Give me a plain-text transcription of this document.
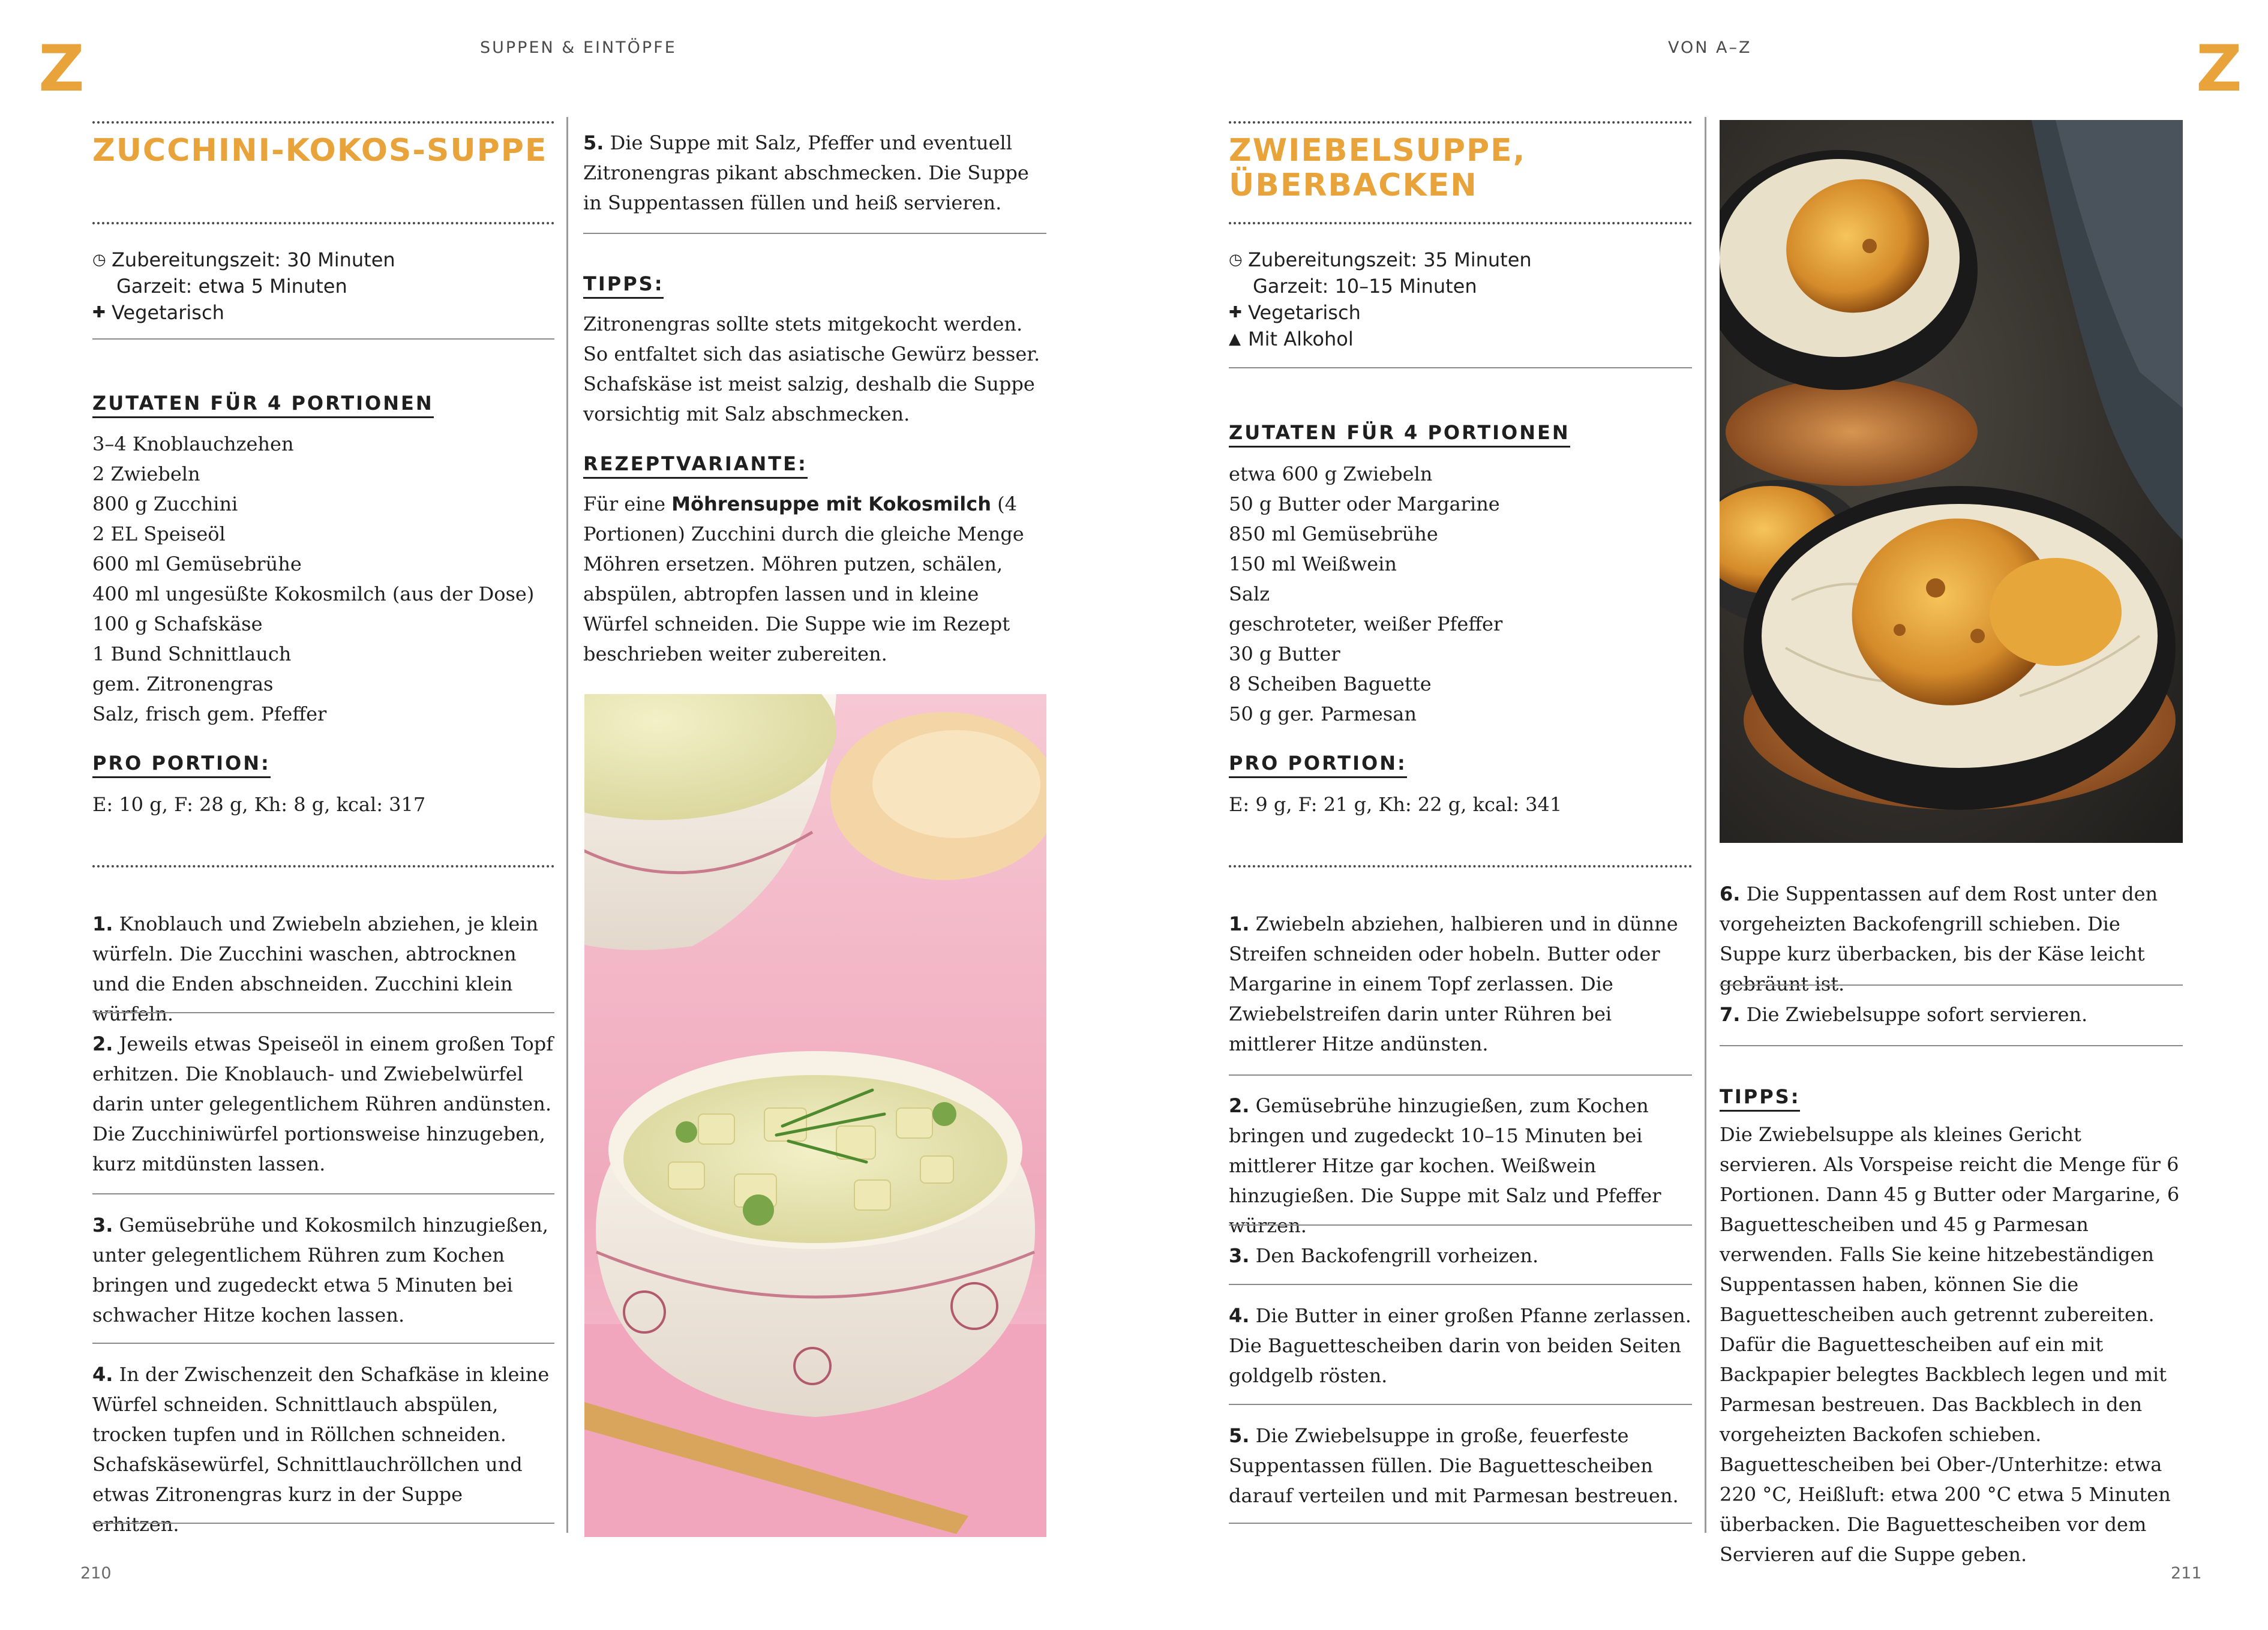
Z	Z
SUPPEN & EINTÖPFE	VON A–Z
ZUCCHINI-KOKOS-SUPPE
◷ Zubereitungszeit: 30 Minuten
Garzeit: etwa 5 Minuten
✚ Vegetarisch
ZUTATEN FÜR 4 PORTIONEN
3–4 Knoblauchzehen
2 Zwiebeln
800 g Zucchini
2 EL Speiseöl
600 ml Gemüsebrühe
400 ml ungesüßte Kokosmilch (aus der Dose)
100 g Schafskäse
1 Bund Schnittlauch
gem. Zitronengras
Salz, frisch gem. Pfeffer
PRO PORTION:

E: 10 g, F: 28 g, Kh: 8 g, kcal: 317

1. Knoblauch und Zwiebeln abziehen, je klein würfeln. Die Zucchini waschen, abtrocknen und die Enden abschneiden. Zucchini klein würfeln.

2. Jeweils etwas Speiseöl in einem großen Topf erhitzen. Die Knoblauch- und Zwiebelwürfel darin unter gelegentlichem Rühren andünsten. Die Zucchiniwürfel portionsweise hinzugeben, kurz mitdünsten lassen.

3. Gemüsebrühe und Kokosmilch hinzugießen, unter gelegentlichem Rühren zum Kochen bringen und zugedeckt etwa 5 Minuten bei schwacher Hitze kochen lassen.

4. In der Zwischenzeit den Schafkäse in kleine Würfel schneiden. Schnittlauch abspülen, trocken tupfen und in Röllchen schneiden. Schafskäsewürfel, Schnittlauchröllchen und etwas Zitronengras kurz in der Suppe erhitzen.

5. Die Suppe mit Salz, Pfeffer und eventuell Zitronengras pikant abschmecken. Die Suppe in Suppentassen füllen und heiß servieren.

TIPPS:

Zitronengras sollte stets mitgekocht werden. So entfaltet sich das asiatische Gewürz besser. Schafskäse ist meist salzig, deshalb die Suppe vorsichtig mit Salz abschmecken.

REZEPTVARIANTE:

Für eine Möhrensuppe mit Kokosmilch (4 Portionen) Zucchini durch die gleiche Menge Möhren ersetzen. Möhren putzen, schälen, abspülen, abtropfen lassen und in kleine Würfel schneiden. Die Suppe wie im Rezept beschrieben weiter zubereiten.

210
ZWIEBELSUPPE,
ÜBERBACKEN
◷ Zubereitungszeit: 35 Minuten
Garzeit: 10–15 Minuten
✚ Vegetarisch
▲ Mit Alkohol
ZUTATEN FÜR 4 PORTIONEN
etwa 600 g Zwiebeln
50 g Butter oder Margarine
850 ml Gemüsebrühe
150 ml Weißwein
Salz
geschroteter, weißer Pfeffer
30 g Butter
8 Scheiben Baguette
50 g ger. Parmesan
PRO PORTION:

E: 9 g, F: 21 g, Kh: 22 g, kcal: 341

1. Zwiebeln abziehen, halbieren und in dünne Streifen schneiden oder hobeln. Butter oder Margarine in einem Topf zerlassen. Die Zwiebelstreifen darin unter Rühren bei mittlerer Hitze andünsten.

2. Gemüsebrühe hinzugießen, zum Kochen bringen und zugedeckt 10–15 Minuten bei mittlerer Hitze gar kochen. Weißwein hinzugießen. Die Suppe mit Salz und Pfeffer würzen.

3. Den Backofengrill vorheizen.

4. Die Butter in einer großen Pfanne zerlassen. Die Baguettescheiben darin von beiden Seiten goldgelb rösten.

5. Die Zwiebelsuppe in große, feuerfeste Suppentassen füllen. Die Baguettescheiben darauf verteilen und mit Parmesan bestreuen.

6. Die Suppentassen auf dem Rost unter den vorgeheizten Backofengrill schieben. Die Suppe kurz überbacken, bis der Käse leicht gebräunt ist.

7. Die Zwiebelsuppe sofort servieren.

TIPPS:

Die Zwiebelsuppe als kleines Gericht servieren. Als Vorspeise reicht die Menge für 6 Portionen. Dann 45 g Butter oder Margarine, 6 Baguettescheiben und 45 g Parmesan verwenden. Falls Sie keine hitzebeständigen Suppentassen haben, können Sie die Baguettescheiben auch getrennt zubereiten. Dafür die Baguettescheiben auf ein mit Backpapier belegtes Backblech legen und mit Parmesan bestreuen. Das Backblech in den vorgeheizten Backofen schieben. Baguettescheiben bei Ober-/Unterhitze: etwa 220 °C, Heißluft: etwa 200 °C etwa 5 Minuten überbacken. Die Baguettescheiben vor dem Servieren auf die Suppe geben.

211
